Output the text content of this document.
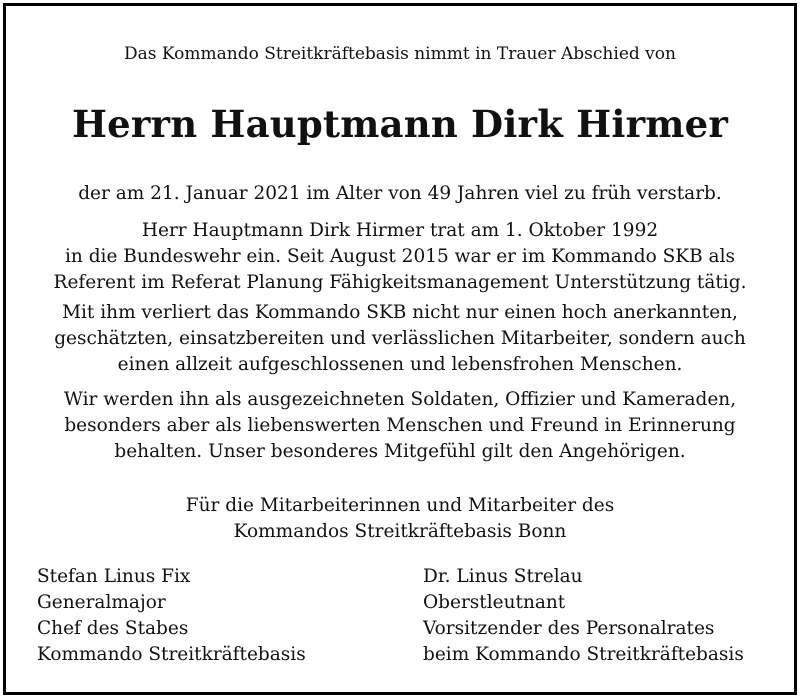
Das Kommando Streitkräftebasis nimmt in Trauer Abschied von
Herrn Hauptmann Dirk Hirmer
der am 21. Januar 2021 im Alter von 49 Jahren viel zu früh verstarb.
Herr Hauptmann Dirk Hirmer trat am 1. Oktober 1992
in die Bundeswehr ein. Seit August 2015 war er im Kommando SKB als
Referent im Referat Planung Fähigkeitsmanagement Unterstützung tätig.
Mit ihm verliert das Kommando SKB nicht nur einen hoch anerkannten,
geschätzten, einsatzbereiten und verlässlichen Mitarbeiter, sondern auch
einen allzeit aufgeschlossenen und lebensfrohen Menschen.
Wir werden ihn als ausgezeichneten Soldaten, Offizier und Kameraden,
besonders aber als liebenswerten Menschen und Freund in Erinnerung
behalten. Unser besonderes Mitgefühl gilt den Angehörigen.
Für die Mitarbeiterinnen und Mitarbeiter des
Kommandos Streitkräftebasis Bonn
Stefan Linus Fix
Generalmajor
Chef des Stabes
Kommando Streitkräftebasis
Dr. Linus Strelau
Oberstleutnant
Vorsitzender des Personalrates
beim Kommando Streitkräftebasis
